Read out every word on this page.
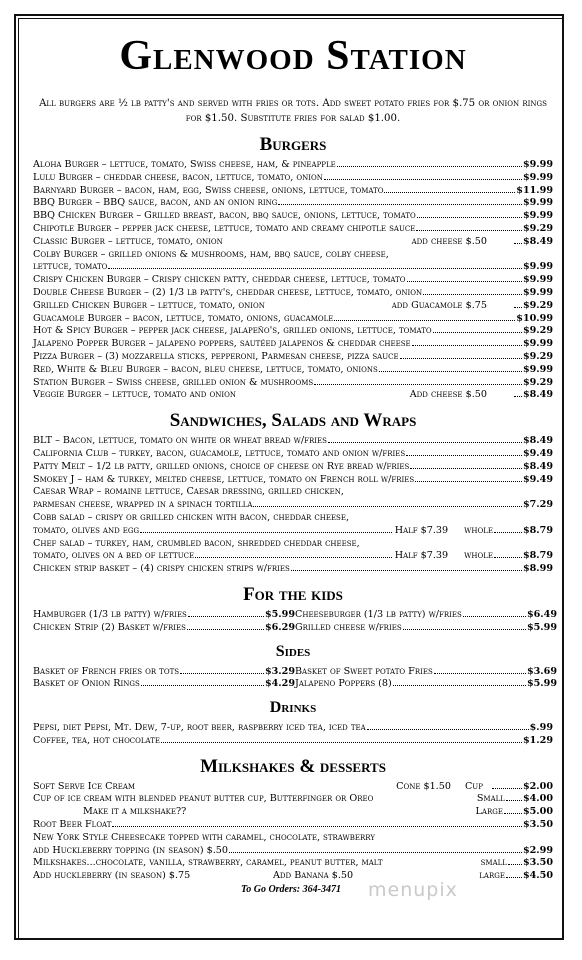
Glenwood Station
All burgers are ½ lb patty's and served with fries or tots. Add sweet potato fries for $.75 or onion rings for $1.50. Substitute fries for salad $1.00.
Burgers
Aloha Burger – lettuce, tomato, Swiss cheese, ham, & pineapple	$9.99
Lulu Burger – cheddar cheese, bacon, lettuce, tomato, onion	$9.99
Barnyard Burger – bacon, ham, egg, Swiss cheese, onions, lettuce, tomato	$11.99
BBQ Burger – BBQ sauce, bacon, and an onion ring	$9.99
BBQ Chicken Burger – Grilled breast, bacon, bbq sauce, onions, lettuce, tomato	$9.99
Chipotle Burger – pepper jack cheese, lettuce, tomato and creamy chipotle sauce	$9.29
Classic Burger – lettuce, tomato, onion	add cheese $.50	$8.49
Colby Burger – grilled onions & mushrooms, ham, bbq sauce, colby cheese,
lettuce, tomato	$9.99
Crispy Chicken Burger – Crispy chicken patty, cheddar cheese, lettuce, tomato	$9.99
Double Cheese Burger – (2) 1/3 lb patty's, cheddar cheese, lettuce, tomato, onion	$9.99
Grilled Chicken Burger – lettuce, tomato, onion	add Guacamole $.75	$9.29
Guacamole Burger – bacon, lettuce, tomato, onions, guacamole	$10.99
Hot & Spicy Burger – pepper jack cheese, jalapeño's, grilled onions, lettuce, tomato	$9.29
Jalapeno Popper Burger – jalapeno poppers, sautéed jalapenos & cheddar cheese	$9.99
Pizza Burger – (3) mozzarella sticks, pepperoni, Parmesan cheese, pizza sauce	$9.29
Red, White & Bleu Burger – bacon, bleu cheese, lettuce, tomato, onions	$9.99
Station Burger – Swiss cheese, grilled onion & mushrooms	$9.29
Veggie Burger – lettuce, tomato and onion	Add cheese $.50	$8.49
Sandwiches, Salads and Wraps
BLT – Bacon, lettuce, tomato on white or wheat bread w/fries	$8.49
California Club – turkey, bacon, guacamole, lettuce, tomato and onion w/fries	$9.49
Patty Melt – 1/2 lb patty, grilled onions, choice of cheese on Rye bread w/fries	$8.49
Smokey J – ham & turkey, melted cheese, lettuce, tomato on French roll w/fries	$9.49
Caesar Wrap – romaine lettuce, Caesar dressing, grilled chicken,
parmesan cheese, wrapped in a spinach tortilla	$7.29
Cobb salad – crispy or grilled chicken with bacon, cheddar cheese,
tomato, olives and egg	Half $7.39 whole	$8.79
Chef salad – turkey, ham, crumbled bacon, shredded cheddar cheese,
tomato, olives on a bed of lettuce	Half $7.39 whole	$8.79
Chicken strip basket – (4) crispy chicken strips w/fries	$8.99
For the kids
Hamburger (1/3 lb patty) w/fries	$5.99
Chicken Strip (2) Basket w/fries	$6.29
Cheeseburger (1/3 lb patty) w/fries	$6.49
Grilled cheese w/fries	$5.99
Sides
Basket of French fries or tots	$3.29
Basket of Onion Rings	$4.29
Basket of Sweet potato Fries	$3.69
Jalapeno Poppers (8)	$5.99
Drinks
Pepsi, diet Pepsi, Mt. Dew, 7-up, root beer, raspberry iced tea, iced tea	$.99
Coffee, tea, hot chocolate	$1.29
Milkshakes & desserts
Soft Serve Ice Cream	Cone $1.50 Cup	$2.00
Cup of ice cream with blended peanut butter cup, Butterfinger or Oreo	Small $4.00
Make it a milkshake??	Large $5.00
Root Beer Float	$3.50
New York Style Cheesecake topped with caramel, chocolate, strawberry
add Huckleberry topping (in season) $.50	$2.99
Milkshakes...chocolate, vanilla, strawberry, caramel, peanut butter, malt	small $3.50
Add huckleberry (in season) $.75	Add Banana $.50	large $4.50
To Go Orders: 364-3471	menupix
